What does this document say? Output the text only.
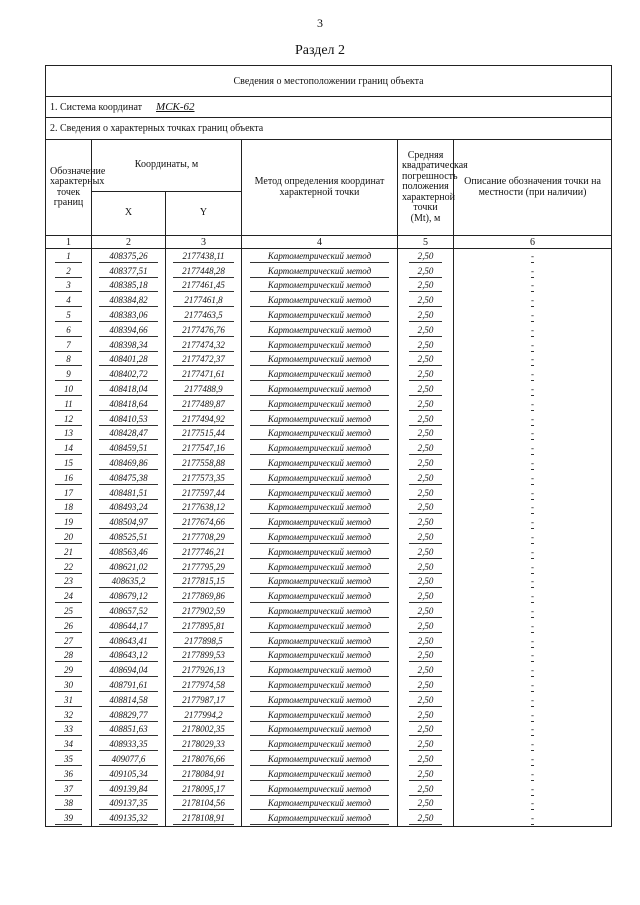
3
Раздел 2
Сведения о местоположении границ объекта					
1. Система координат МСК-62					
2. Сведения о характерных точках границ объекта					
Обозначение характерных точек границ	Координаты, м		Метод определения координат характерной точки	Средняя квадратическая погрешность положения характерной точки (Mt), м	Описание обозначения точки на местности (при наличии)
	X	Y			
1	2	3	4	5	6
1	408375,26	2177438,11	Картометрический метод	2,50	-
2	408377,51	2177448,28	Картометрический метод	2,50	-
3	408385,18	2177461,45	Картометрический метод	2,50	-
4	408384,82	2177461,8	Картометрический метод	2,50	-
5	408383,06	2177463,5	Картометрический метод	2,50	-
6	408394,66	2177476,76	Картометрический метод	2,50	-
7	408398,34	2177474,32	Картометрический метод	2,50	-
8	408401,28	2177472,37	Картометрический метод	2,50	-
9	408402,72	2177471,61	Картометрический метод	2,50	-
10	408418,04	2177488,9	Картометрический метод	2,50	-
11	408418,64	2177489,87	Картометрический метод	2,50	-
12	408410,53	2177494,92	Картометрический метод	2,50	-
13	408428,47	2177515,44	Картометрический метод	2,50	-
14	408459,51	2177547,16	Картометрический метод	2,50	-
15	408469,86	2177558,88	Картометрический метод	2,50	-
16	408475,38	2177573,35	Картометрический метод	2,50	-
17	408481,51	2177597,44	Картометрический метод	2,50	-
18	408493,24	2177638,12	Картометрический метод	2,50	-
19	408504,97	2177674,66	Картометрический метод	2,50	-
20	408525,51	2177708,29	Картометрический метод	2,50	-
21	408563,46	2177746,21	Картометрический метод	2,50	-
22	408621,02	2177795,29	Картометрический метод	2,50	-
23	408635,2	2177815,15	Картометрический метод	2,50	-
24	408679,12	2177869,86	Картометрический метод	2,50	-
25	408657,52	2177902,59	Картометрический метод	2,50	-
26	408644,17	2177895,81	Картометрический метод	2,50	-
27	408643,41	2177898,5	Картометрический метод	2,50	-
28	408643,12	2177899,53	Картометрический метод	2,50	-
29	408694,04	2177926,13	Картометрический метод	2,50	-
30	408791,61	2177974,58	Картометрический метод	2,50	-
31	408814,58	2177987,17	Картометрический метод	2,50	-
32	408829,77	2177994,2	Картометрический метод	2,50	-
33	408851,63	2178002,35	Картометрический метод	2,50	-
34	408933,35	2178029,33	Картометрический метод	2,50	-
35	409077,6	2178076,66	Картометрический метод	2,50	-
36	409105,34	2178084,91	Картометрический метод	2,50	-
37	409139,84	2178095,17	Картометрический метод	2,50	-
38	409137,35	2178104,56	Картометрический метод	2,50	-
39	409135,32	2178108,91	Картометрический метод	2,50	-
